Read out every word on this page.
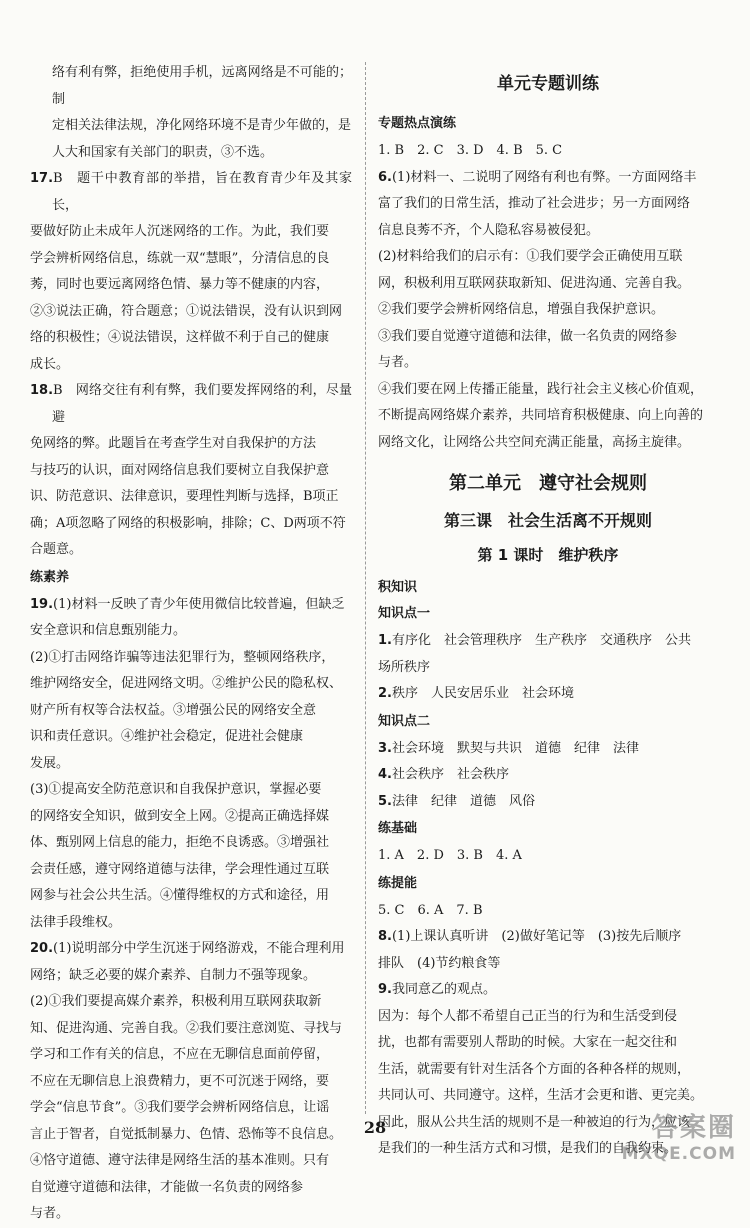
络有利有弊，拒绝使用手机，远离网络是不可能的；制
定相关法律法规，净化网络环境不是青少年做的，是
人大和国家有关部门的职责，③不选。
17.B　题干中教育部的举措，旨在教育青少年及其家长，
要做好防止未成年人沉迷网络的工作。为此，我们要
学会辨析网络信息，练就一双“慧眼”，分清信息的良
莠，同时也要远离网络色情、暴力等不健康的内容，
②③说法正确，符合题意；①说法错误，没有认识到网
络的积极性；④说法错误，这样做不利于自己的健康
成长。
18.B　网络交往有利有弊，我们要发挥网络的利，尽量避
免网络的弊。此题旨在考查学生对自我保护的方法
与技巧的认识，面对网络信息我们要树立自我保护意
识、防范意识、法律意识，要理性判断与选择，B项正
确；A项忽略了网络的积极影响，排除；C、D两项不符
合题意。
练素养
19.(1)材料一反映了青少年使用微信比较普遍，但缺乏
安全意识和信息甄别能力。
(2)①打击网络诈骗等违法犯罪行为，整顿网络秩序，
维护网络安全，促进网络文明。②维护公民的隐私权、
财产所有权等合法权益。③增强公民的网络安全意
识和责任意识。④维护社会稳定，促进社会健康
发展。
(3)①提高安全防范意识和自我保护意识，掌握必要
的网络安全知识，做到安全上网。②提高正确选择媒
体、甄别网上信息的能力，拒绝不良诱惑。③增强社
会责任感，遵守网络道德与法律，学会理性通过互联
网参与社会公共生活。④懂得维权的方式和途径，用
法律手段维权。
20.(1)说明部分中学生沉迷于网络游戏，不能合理利用
网络；缺乏必要的媒介素养、自制力不强等现象。
(2)①我们要提高媒介素养，积极利用互联网获取新
知、促进沟通、完善自我。②我们要注意浏览、寻找与
学习和工作有关的信息，不应在无聊信息面前停留，
不应在无聊信息上浪费精力，更不可沉迷于网络，要
学会“信息节食”。③我们要学会辨析网络信息，让谣
言止于智者，自觉抵制暴力、色情、恐怖等不良信息。
④恪守道德、遵守法律是网络生活的基本准则。只有
自觉遵守道德和法律，才能做一名负责的网络参
与者。
单元专题训练
专题热点演练
1. B　2. C　3. D　4. B　5. C
6.(1)材料一、二说明了网络有利也有弊。一方面网络丰
富了我们的日常生活，推动了社会进步；另一方面网络
信息良莠不齐，个人隐私容易被侵犯。
(2)材料给我们的启示有：①我们要学会正确使用互联
网，积极利用互联网获取新知、促进沟通、完善自我。
②我们要学会辨析网络信息，增强自我保护意识。
③我们要自觉遵守道德和法律，做一名负责的网络参
与者。
④我们要在网上传播正能量，践行社会主义核心价值观，
不断提高网络媒介素养，共同培育积极健康、向上向善的
网络文化，让网络公共空间充满正能量，高扬主旋律。
第二单元　遵守社会规则
第三课　社会生活离不开规则
第 1 课时　维护秩序
积知识
知识点一
1.有序化　社会管理秩序　生产秩序　交通秩序　公共
场所秩序
2.秩序　人民安居乐业　社会环境
知识点二
3.社会环境　默契与共识　道德　纪律　法律
4.社会秩序　社会秩序
5.法律　纪律　道德　风俗
练基础
1. A　2. D　3. B　4. A
练提能
5. C　6. A　7. B
8.(1)上课认真听讲　(2)做好笔记等　(3)按先后顺序
排队　(4)节约粮食等
9.我同意乙的观点。
因为：每个人都不希望自己正当的行为和生活受到侵
扰，也都有需要别人帮助的时候。大家在一起交往和
生活，就需要有针对生活各个方面的各种各样的规则，
共同认可、共同遵守。这样，生活才会更和谐、更完美。
因此，服从公共生活的规则不是一种被迫的行为，应该
是我们的一种生活方式和习惯，是我们的自我约束。
28	答案圈
MXQE.COM
